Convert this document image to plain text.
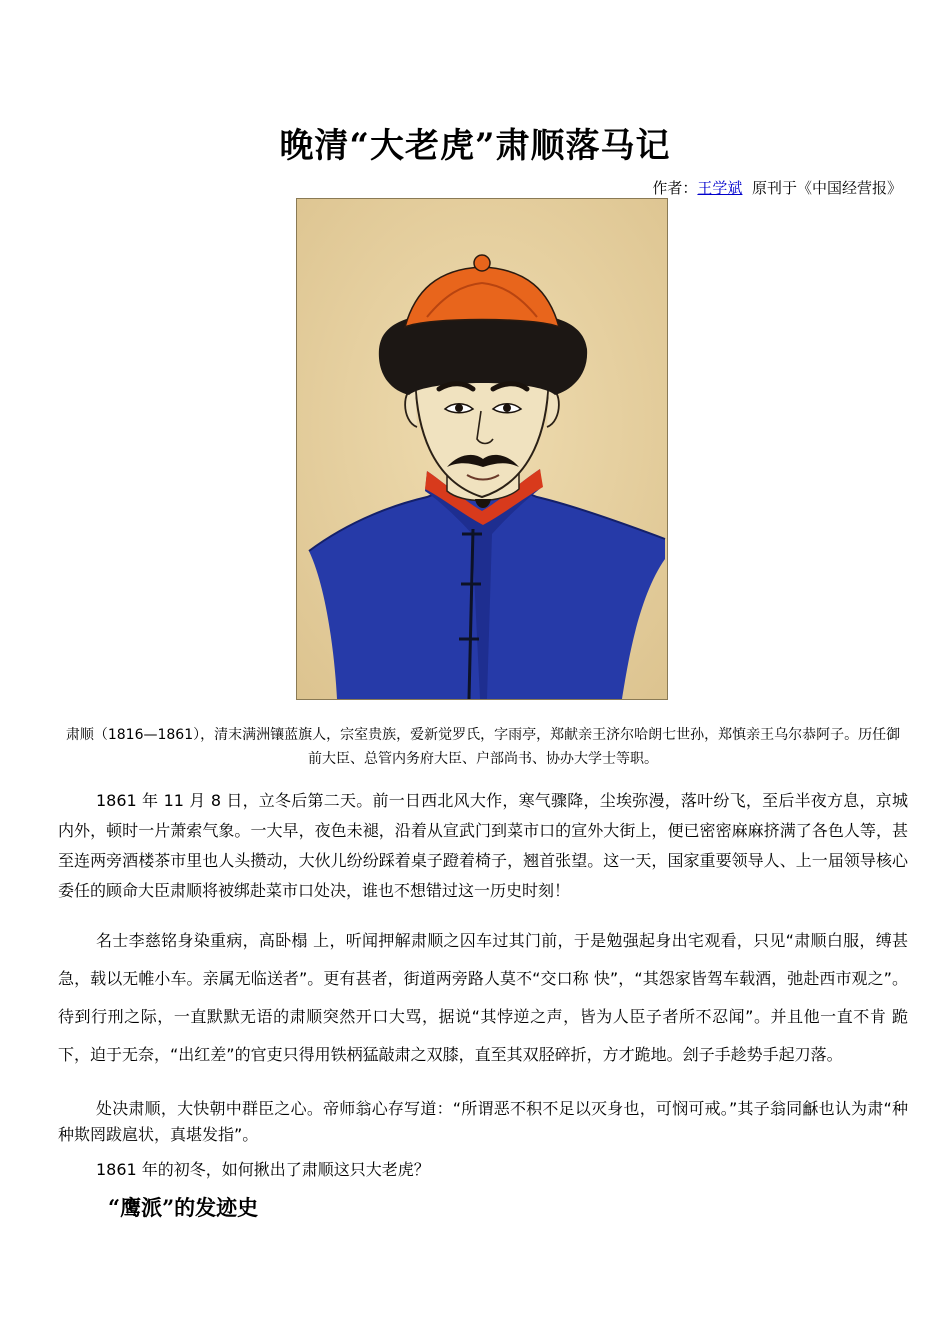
晚清“大老虎”肃顺落马记
作者：王学斌 原刊于《中国经营报》
肃顺（1816—1861），清末满洲镶蓝旗人，宗室贵族，爱新觉罗氏，字雨亭，郑献亲王济尔哈朗七世孙，郑慎亲王乌尔恭阿子。历任御前大臣、总管内务府大臣、户部尚书、协办大学士等职。
1861 年 11 月 8 日，立冬后第二天。前一日西北风大作，寒气骤降，尘埃弥漫，落叶纷飞，至后半夜方息，京城内外，顿时一片萧索气象。一大早，夜色未褪，沿着从宣武门到菜市口的宣外大街上，便已密密麻麻挤满了各色人等，甚至连两旁酒楼茶市里也人头攒动，大伙儿纷纷踩着桌子蹬着椅子，翘首张望。这一天，国家重要领导人、上一届领导核心委任的顾命大臣肃顺将被绑赴菜市口处决，谁也不想错过这一历史时刻！
名士李慈铭身染重病，高卧榻 上，听闻押解肃顺之囚车过其门前，于是勉强起身出宅观看，只见“肃顺白服，缚甚急，载以无帷小车。亲属无临送者”。更有甚者，街道两旁路人莫不“交口称 快”，“其怨家皆驾车载酒，弛赴西市观之”。待到行刑之际，一直默默无语的肃顺突然开口大骂，据说“其悖逆之声，皆为人臣子者所不忍闻”。并且他一直不肯 跪下，迫于无奈，“出红差”的官吏只得用铁柄猛敲肃之双膝，直至其双胫碎折，方才跪地。刽子手趁势手起刀落。
处决肃顺，大快朝中群臣之心。帝师翁心存写道：“所谓恶不积不足以灭身也，可悯可戒。”其子翁同龢也认为肃“种种欺罔跋扈状，真堪发指”。
1861 年的初冬，如何揪出了肃顺这只大老虎？
“鹰派”的发迹史
